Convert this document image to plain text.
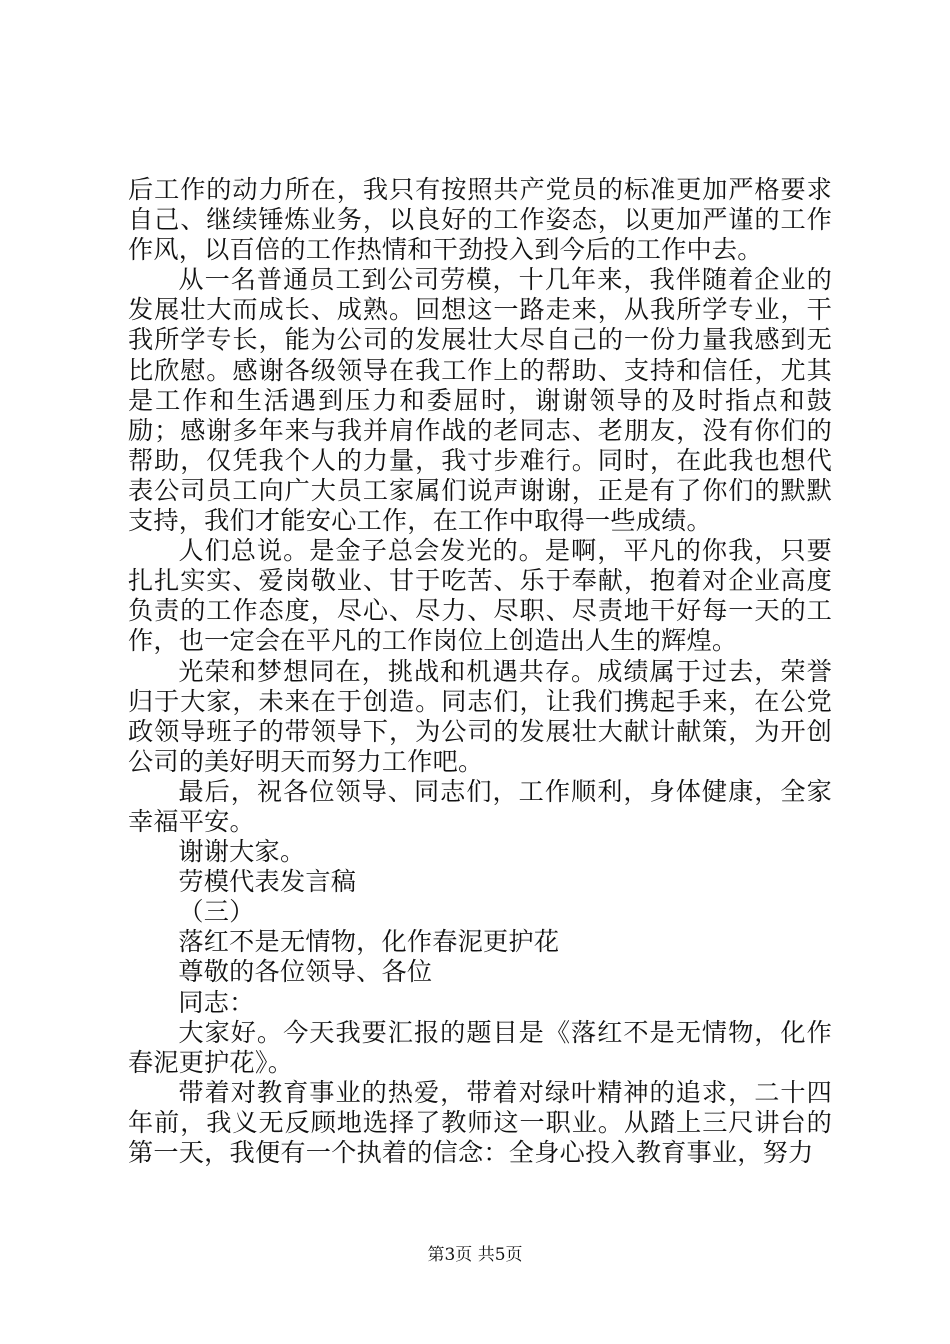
后工作的动力所在，我只有按照共产党员的标准更加严格要求自己、继续锤炼业务，以良好的工作姿态，以更加严谨的工作作风，以百倍的工作热情和干劲投入到今后的工作中去。

从一名普通员工到公司劳模，十几年来，我伴随着企业的发展壮大而成长、成熟。回想这一路走来，从我所学专业，干我所学专长，能为公司的发展壮大尽自己的一份力量我感到无比欣慰。感谢各级领导在我工作上的帮助、支持和信任，尤其是工作和生活遇到压力和委屈时，谢谢领导的及时指点和鼓励；感谢多年来与我并肩作战的老同志、老朋友，没有你们的帮助，仅凭我个人的力量，我寸步难行。同时，在此我也想代表公司员工向广大员工家属们说声谢谢，正是有了你们的默默支持，我们才能安心工作，在工作中取得一些成绩。

人们总说。是金子总会发光的。是啊，平凡的你我，只要扎扎实实、爱岗敬业、甘于吃苦、乐于奉献，抱着对企业高度负责的工作态度，尽心、尽力、尽职、尽责地干好每一天的工作，也一定会在平凡的工作岗位上创造出人生的辉煌。

光荣和梦想同在，挑战和机遇共存。成绩属于过去，荣誉归于大家，未来在于创造。同志们，让我们携起手来，在公党政领导班子的带领导下，为公司的发展壮大献计献策，为开创公司的美好明天而努力工作吧。

最后，祝各位领导、同志们，工作顺利，身体健康，全家幸福平安。

谢谢大家。

劳模代表发言稿

（三）

落红不是无情物，化作春泥更护花

尊敬的各位领导、各位

同志：

大家好。今天我要汇报的题目是《落红不是无情物，化作春泥更护花》。

带着对教育事业的热爱，带着对绿叶精神的追求，二十四年前，我义无反顾地选择了教师这一职业。从踏上三尺讲台的第一天，我便有一个执着的信念：全身心投入教育事业，努力

第3页 共5页
